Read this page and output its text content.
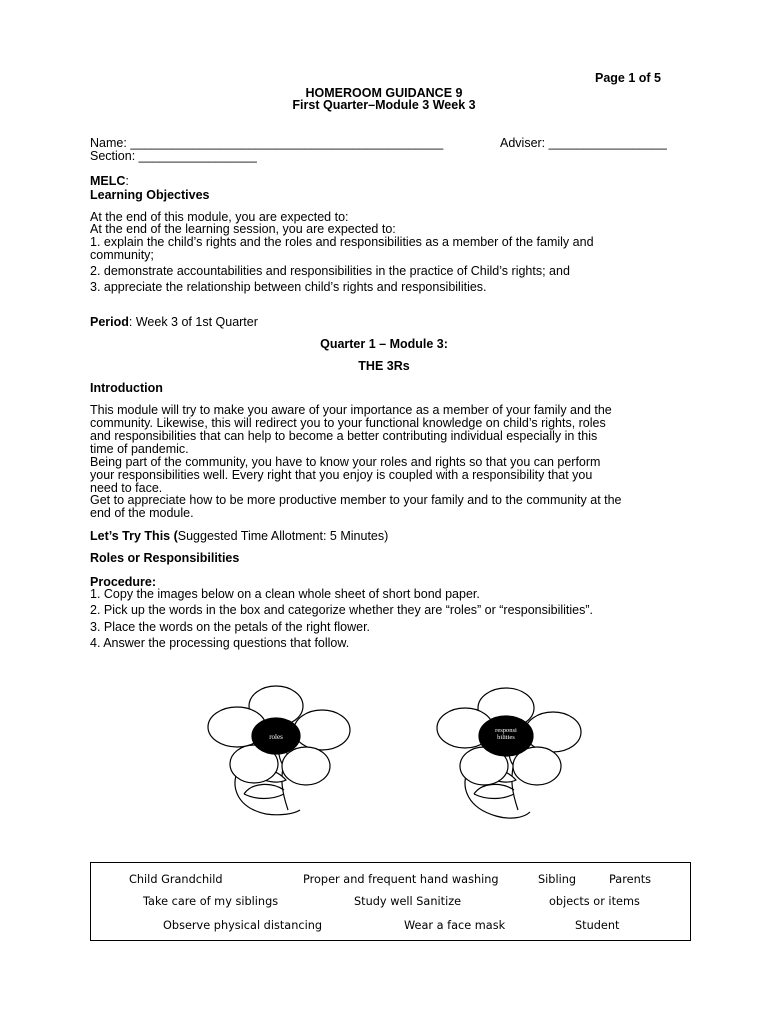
Page 1 of 5
HOMEROOM GUIDANCE 9
First Quarter–Module 3 Week 3
Name: _____________________________________________	Adviser: _________________
Section: _________________
MELC:
Learning Objectives
At the end of this module, you are expected to:
At the end of the learning session, you are expected to:
1. explain the child’s rights and the roles and responsibilities as a member of the family and
community;
2. demonstrate accountabilities and responsibilities in the practice of Child’s rights; and
3. appreciate the relationship between child’s rights and responsibilities.
Period: Week 3 of 1st Quarter
Quarter 1 – Module 3:
THE 3Rs
Introduction
This module will try to make you aware of your importance as a member of your family and the
community. Likewise, this will redirect you to your functional knowledge on child’s rights, roles
and responsibilities that can help to become a better contributing individual especially in this
time of pandemic.
Being part of the community, you have to know your roles and rights so that you can perform
your responsibilities well. Every right that you enjoy is coupled with a responsibility that you
need to face.
Get to appreciate how to be more productive member to your family and to the community at the
end of the module.
Let’s Try This (Suggested Time Allotment: 5 Minutes)
Roles or Responsibilities
Procedure:
1. Copy the images below on a clean whole sheet of short bond paper.
2. Pick up the words in the box and categorize whether they are “roles” or “responsibilities”.
3. Place the words on the petals of the right flower.
4. Answer the processing questions that follow.
roles
responsi
bilities
Child Grandchild	Proper and frequent hand washing	Sibling	Parents
Take care of my siblings	Study well Sanitize	objects or items
Observe physical distancing	Wear a face mask	Student
